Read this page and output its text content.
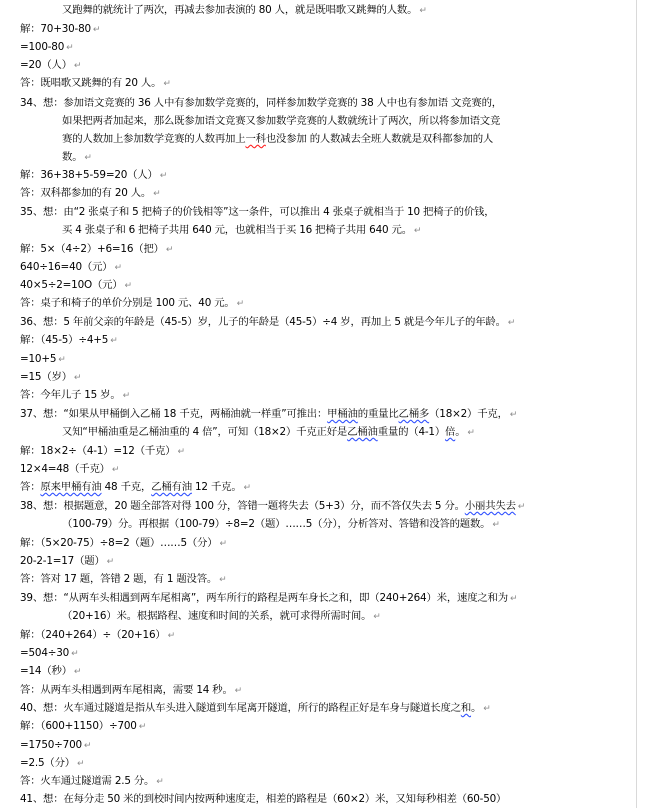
又跑舞的就统计了两次，再减去参加表演的 80 人，就是既唱歌又跳舞的人数。 ↵
解：70+30-80 ↵
=100-80 ↵
=20（人） ↵
答：既唱歌又跳舞的有 20 人。 ↵
34、想：参加语文竞赛的 36 人中有参加数学竞赛的，同样参加数学竞赛的 38 人中也有参加语 文竞赛的，
如果把两者加起来，那么既参加语文竞赛又参加数学竞赛的人数就统计了两次，所以将参加语文竞
赛的人数加上参加数学竞赛的人数再加上一科也没参加 的人数减去全班人数就是双科都参加的人
数。 ↵
解：36+38+5-59=20（人） ↵
答：双科都参加的有 20 人。 ↵
35、想：由“2 张桌子和 5 把椅子的价钱相等”这一条件，可以推出 4 张桌子就相当于 10 把椅子的价钱，
买 4 张桌子和 6 把椅子共用 640 元，也就相当于买 16 把椅子共用 640 元。 ↵
解：5×（4÷2）+6=16（把） ↵
640÷16=40（元） ↵
40×5÷2=10O（元） ↵
答：桌子和椅子的单价分别是 100 元、40 元。 ↵
36、想：5 年前父亲的年龄是（45-5）岁，儿子的年龄是（45-5）÷4 岁，再加上 5 就是今年儿子的年龄。 ↵
解：（45-5）÷4+5 ↵
=10+5 ↵
=15（岁） ↵
答：今年儿子 15 岁。 ↵
37、想：“如果从甲桶倒入乙桶 18 千克，两桶油就一样重”可推出：甲桶油的重量比乙桶多（18×2）千克， ↵
又知“甲桶油重是乙桶油重的 4 倍”，可知（18×2）千克正好是乙桶油重量的（4-1）倍。 ↵
解：18×2÷（4-1）=12（千克） ↵
12×4=48（千克） ↵
答：原来甲桶有油 48 千克，乙桶有油 12 千克。 ↵
38、想：根据题意，20 题全部答对得 100 分，答错一题将失去（5+3）分，而不答仅失去 5 分。小丽共失去 ↵
（100-79）分。再根据（100-79）÷8=2（题）……5（分），分析答对、答错和没答的题数。 ↵
解：（5×20-75）÷8=2（题）……5（分） ↵
20-2-1=17（题） ↵
答：答对 17 题，答错 2 题，有 1 题没答。 ↵
39、想：“从两车头相遇到两车尾相离”，两车所行的路程是两车身长之和，即（240+264）米，速度之和为 ↵
（20+16）米。根据路程、速度和时间的关系，就可求得所需时间。 ↵
解：（240+264）÷（20+16） ↵
=504÷30 ↵
=14（秒） ↵
答：从两车头相遇到两车尾相离，需要 14 秒。 ↵
40、想：火车通过隧道是指从车头进入隧道到车尾离开隧道，所行的路程正好是车身与隧道长度之和。 ↵
解：（600+1150）÷700 ↵
=1750÷700 ↵
=2.5（分） ↵
答：火车通过隧道需 2.5 分。 ↵
41、想：在每分走 50 米的到校时间内按两种速度走，相差的路程是（60×2）米，又知每秒相差（60-50）
